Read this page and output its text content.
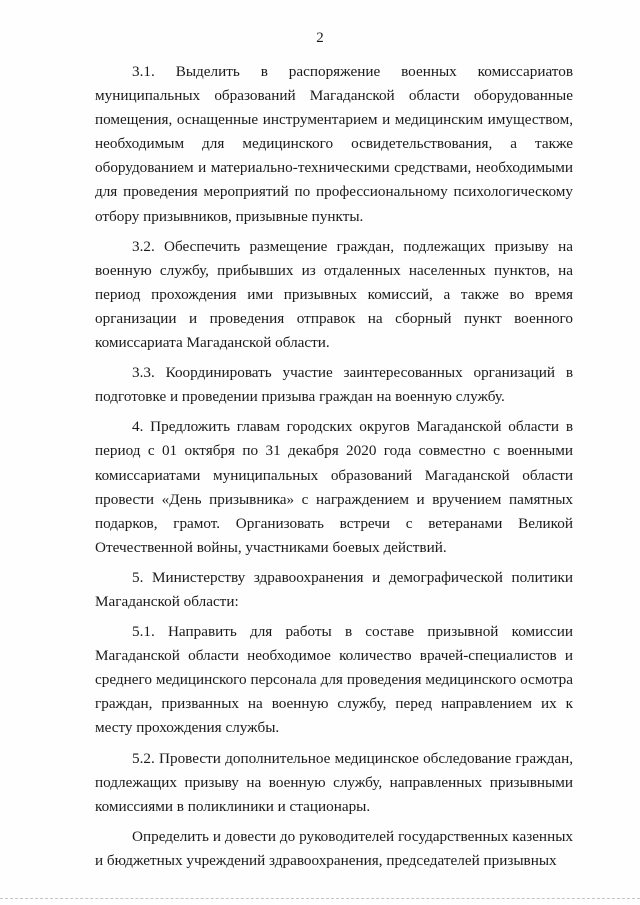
2

3.1. Выделить в распоряжение военных комиссариатов муниципальных образований Магаданской области оборудованные помещения, оснащенные инструментарием и медицинским имуществом, необходимым для медицинского освидетельствования, а также оборудованием и материально-техническими средствами, необходимыми для проведения мероприятий по профессиональному психологическому отбору призывников, призывные пункты.

3.2. Обеспечить размещение граждан, подлежащих призыву на военную службу, прибывших из отдаленных населенных пунктов, на период прохождения ими призывных комиссий, а также во время организации и проведения отправок на сборный пункт военного комиссариата Магаданской области.

3.3. Координировать участие заинтересованных организаций в подготовке и проведении призыва граждан на военную службу.

4. Предложить главам городских округов Магаданской области в период с 01 октября по 31 декабря 2020 года совместно с военными комиссариатами муниципальных образований Магаданской области провести «День призывника» с награждением и вручением памятных подарков, грамот. Организовать встречи с ветеранами Великой Отечественной войны, участниками боевых действий.

5. Министерству здравоохранения и демографической политики Магаданской области:

5.1. Направить для работы в составе призывной комиссии Магаданской области необходимое количество врачей-специалистов и среднего медицинского персонала для проведения медицинского осмотра граждан, призванных на военную службу, перед направлением их к месту прохождения службы.

5.2. Провести дополнительное медицинское обследование граждан, подлежащих призыву на военную службу, направленных призывными комиссиями в поликлиники и стационары.

Определить и довести до руководителей государственных казенных и бюджетных учреждений здравоохранения, председателей призывных
